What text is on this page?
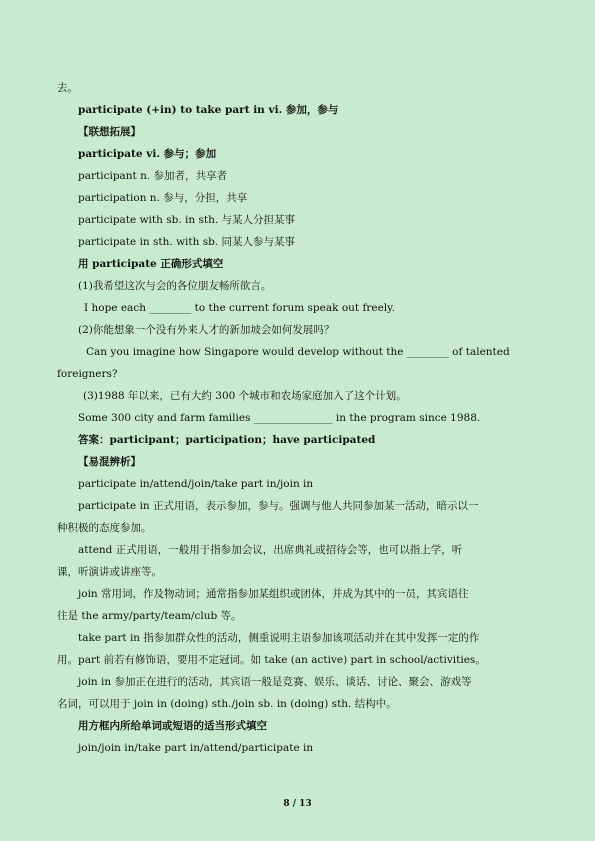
去。
participate (+in) to take part in vi. 参加，参与
【联想拓展】
participate vi. 参与；参加
participant n. 参加者，共享者
participation n. 参与，分担，共享
participate with sb. in sth. 与某人分担某事
participate in sth. with sb. 同某人参与某事
用 participate 正确形式填空
(1)我希望这次与会的各位朋友畅所欲言。
I hope each ________ to the current forum speak out freely.
(2)你能想象一个没有外来人才的新加坡会如何发展吗？
Can you imagine how Singapore would develop without the ________ of talented
foreigners?
(3)1988 年以来，已有大约 300 个城市和农场家庭加入了这个计划。
Some 300 city and farm families _______________ in the program since 1988.
答案：participant；participation；have participated
【易混辨析】
participate in/attend/join/take part in/join in
participate in 正式用语，表示参加，参与。强调与他人共同参加某一活动，暗示以一
种积极的态度参加。
attend 正式用语，一般用于指参加会议，出席典礼或招待会等，也可以指上学，听
课，听演讲或讲座等。
join 常用词，作及物动词；通常指参加某组织或团体，并成为其中的一员，其宾语往
往是 the army/party/team/club 等。
take part in 指参加群众性的活动，侧重说明主语参加该项活动并在其中发挥一定的作
用。part 前若有修饰语，要用不定冠词。如 take (an active) part in school/activities。
join in 参加正在进行的活动，其宾语一般是竞赛、娱乐、谈话、讨论、聚会、游戏等
名词，可以用于 join in (doing) sth./join sb. in (doing) sth. 结构中。
用方框内所给单词或短语的适当形式填空
join/join in/take part in/attend/participate in
8 / 13
